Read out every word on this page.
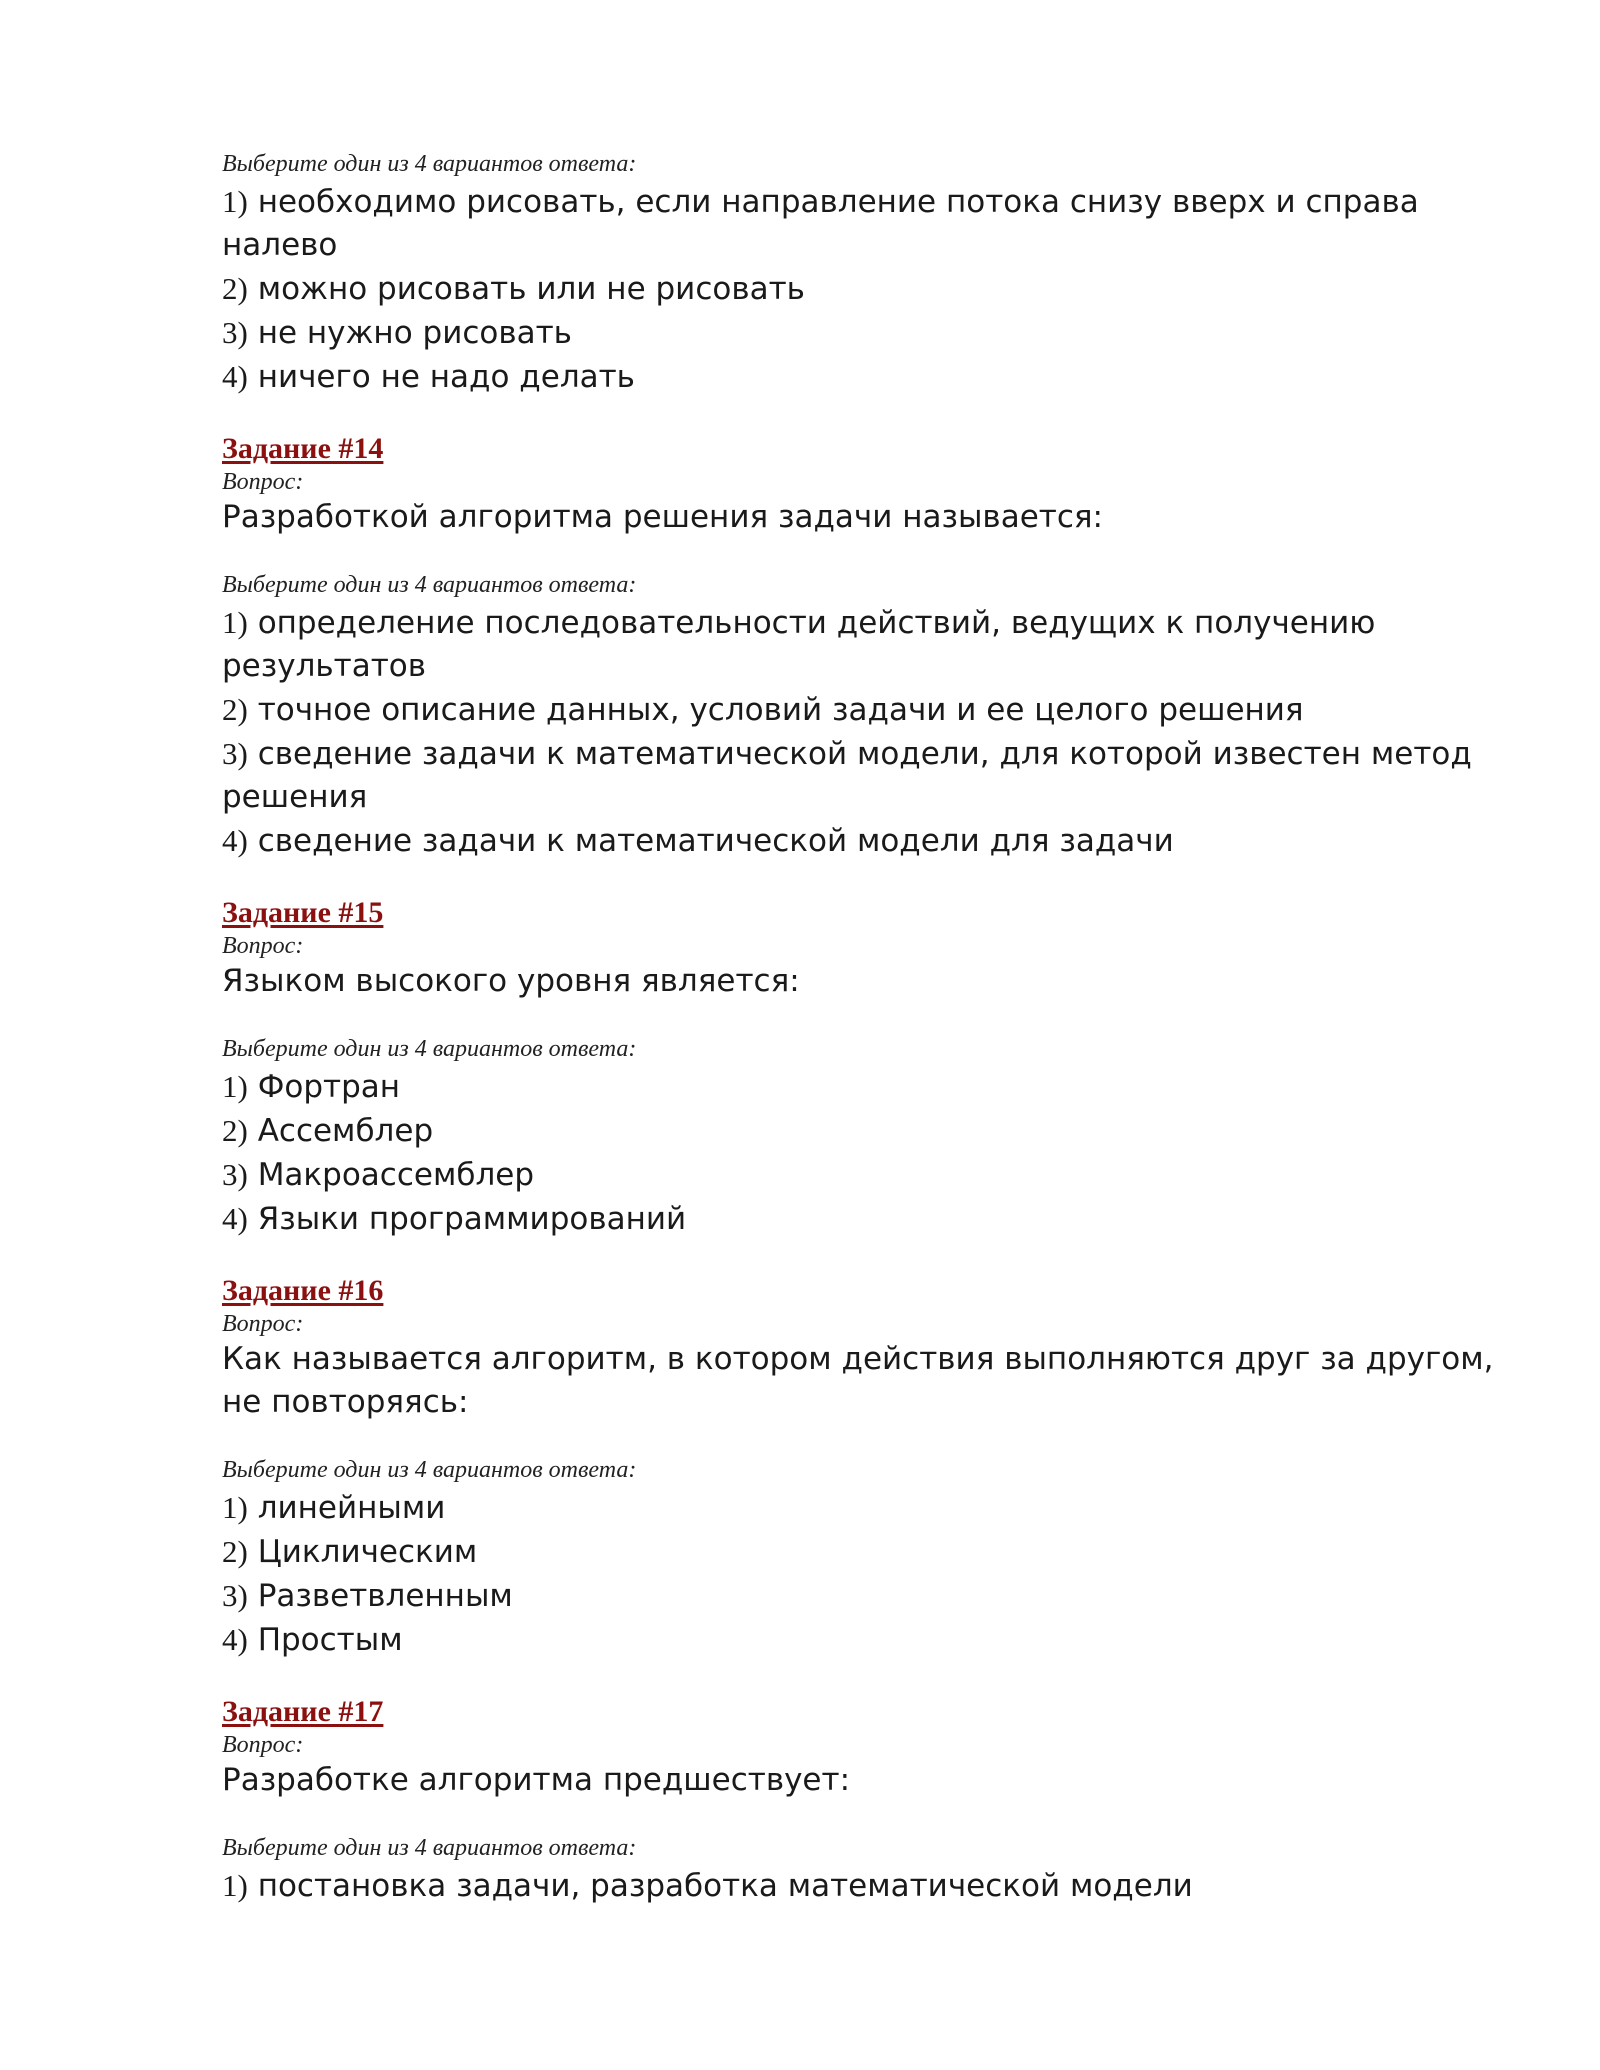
Выберите один из 4 вариантов ответа:
1) необходимо рисовать, если направление потока снизу вверх и справа налево
2) можно рисовать или не рисовать
3) не нужно рисовать
4) ничего не надо делать
Задание #14
Вопрос:
Разработкой алгоритма решения задачи называется:
Выберите один из 4 вариантов ответа:
1) определение последовательности действий, ведущих к получению результатов
2) точное описание данных, условий задачи и ее целого решения
3) сведение задачи к математической модели, для которой известен метод решения
4) сведение задачи к математической модели для задачи
Задание #15
Вопрос:
Языком высокого уровня является:
Выберите один из 4 вариантов ответа:
1) Фортран
2) Ассемблер
3) Макроассемблер
4) Языки программирований
Задание #16
Вопрос:
Как называется алгоритм, в котором действия выполняются друг за другом, не повторяясь:
Выберите один из 4 вариантов ответа:
1) линейными
2) Циклическим
3) Разветвленным
4) Простым
Задание #17
Вопрос:
Разработке алгоритма предшествует:
Выберите один из 4 вариантов ответа:
1) постановка задачи, разработка математической модели
